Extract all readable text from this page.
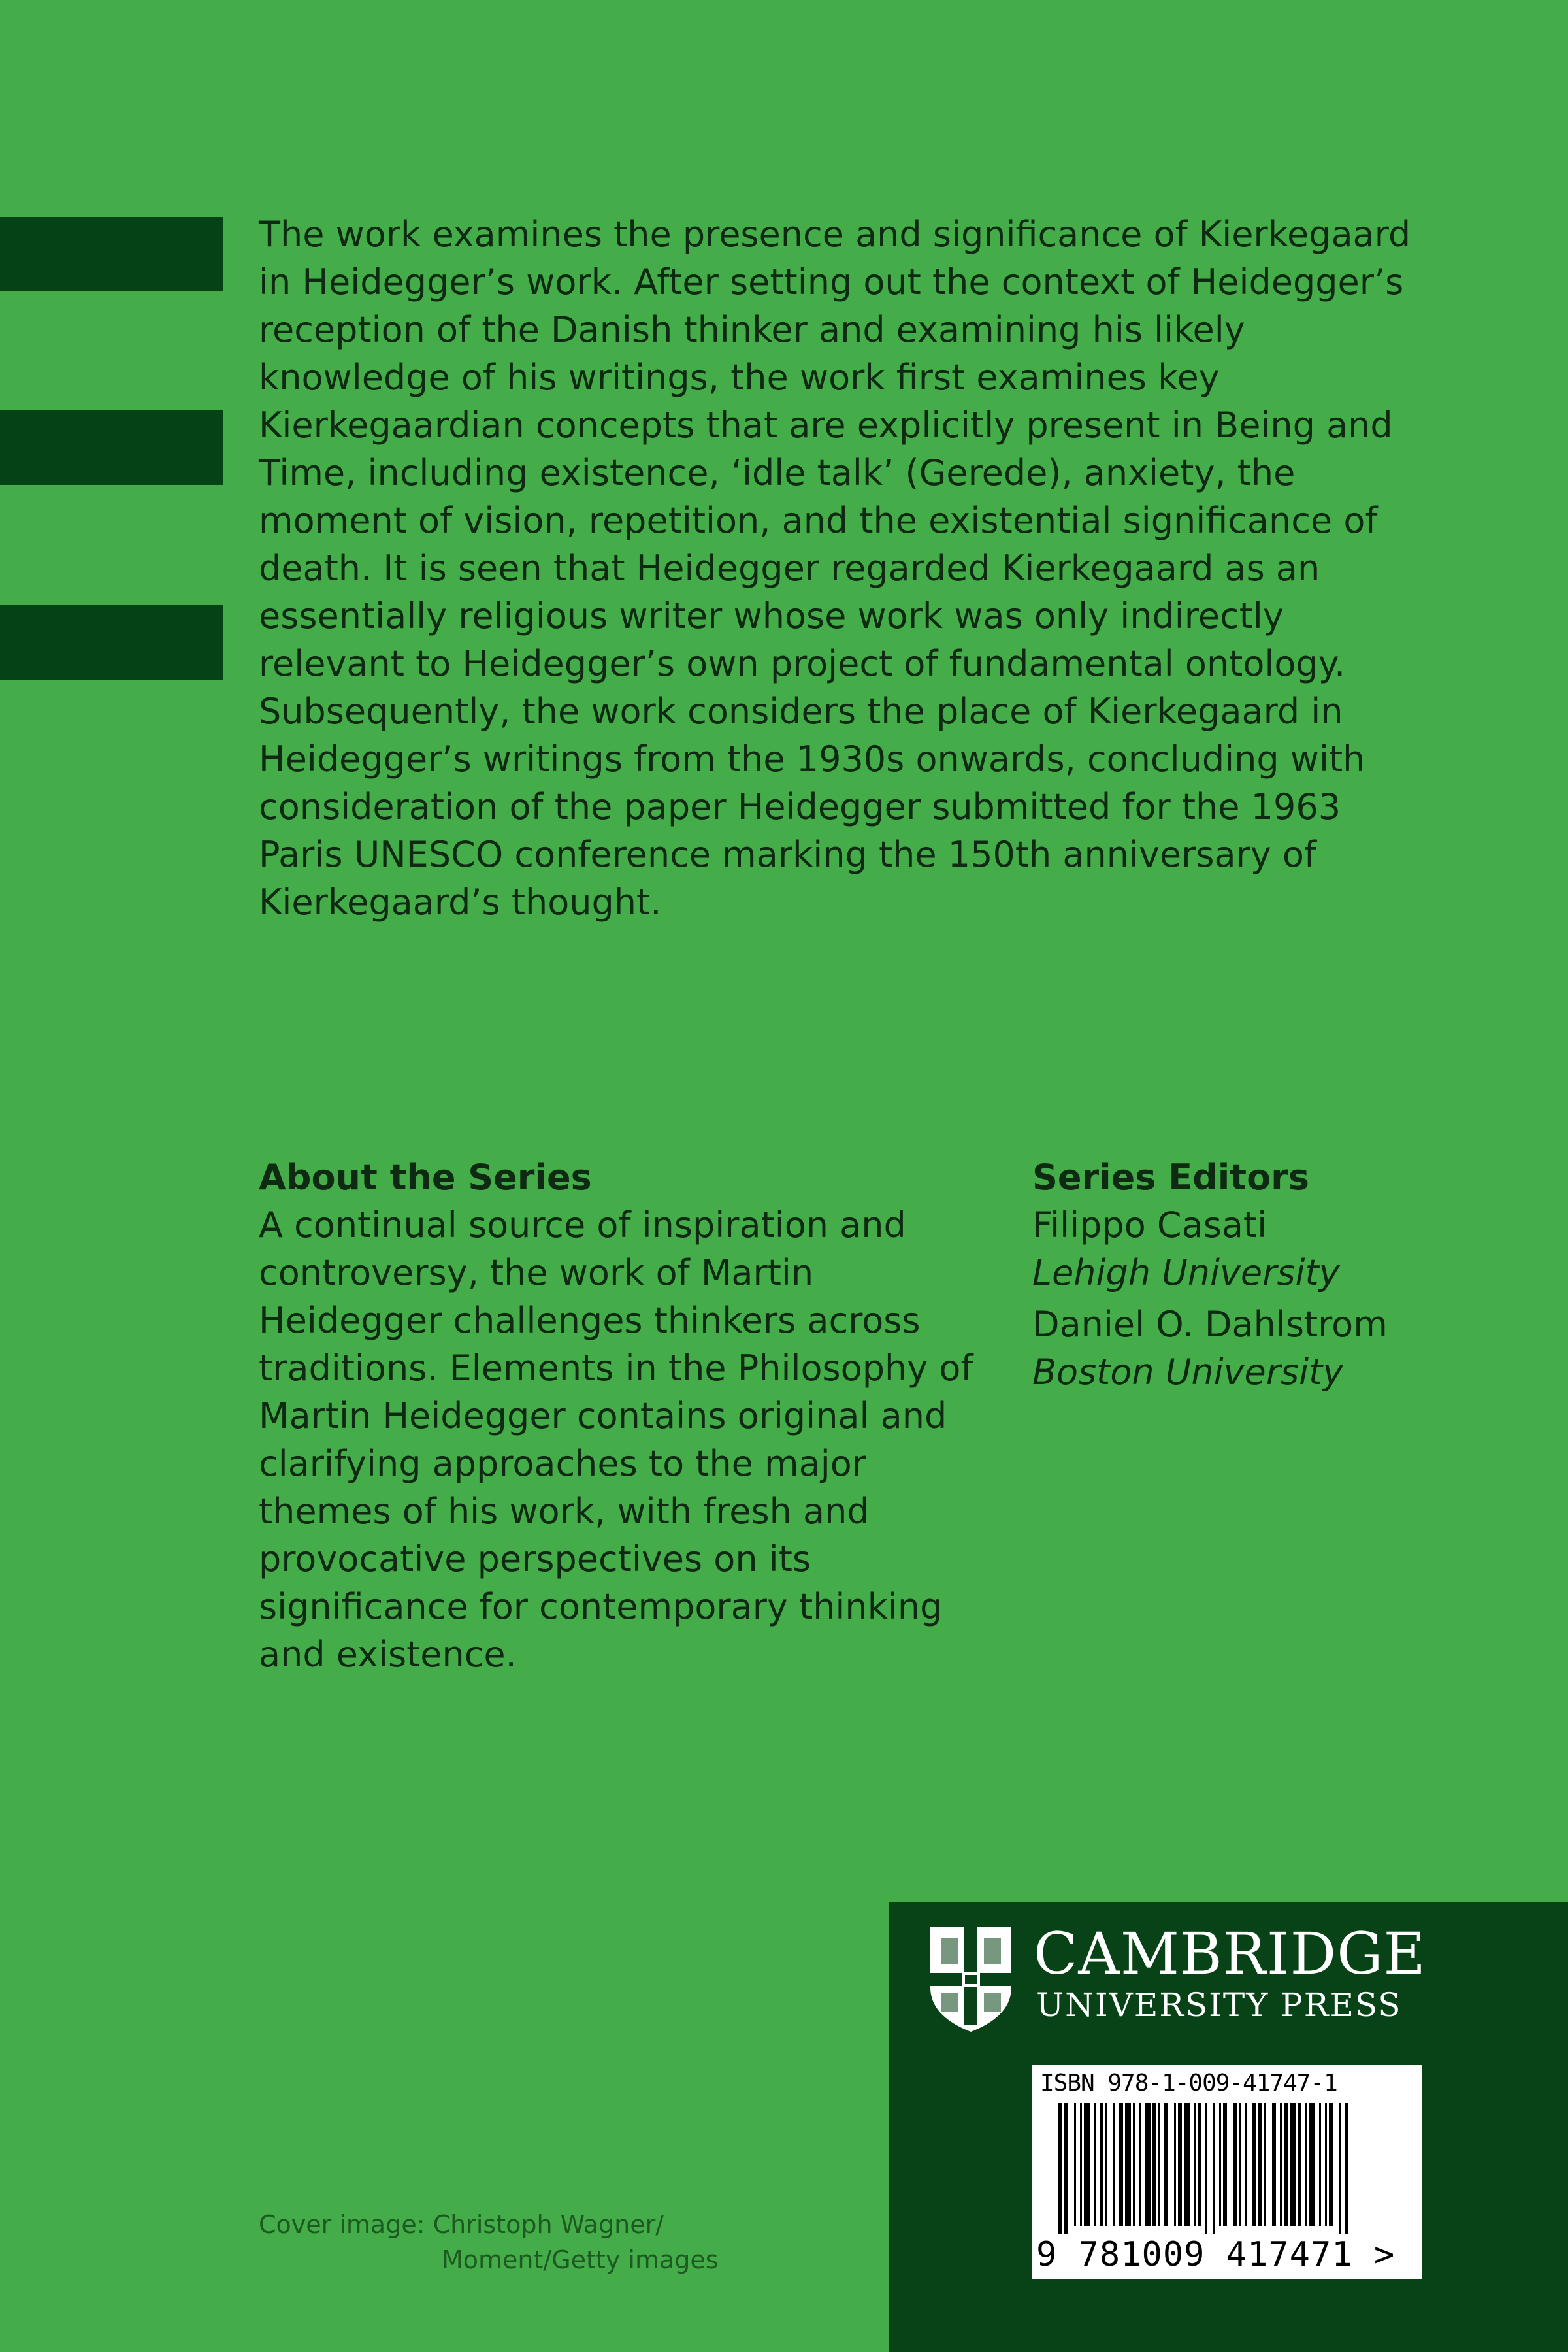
The work examines the presence and significance of Kierkegaard in Heidegger’s work. After setting out the context of Heidegger’s reception of the Danish thinker and examining his likely knowledge of his writings, the work first examines key Kierkegaardian concepts that are explicitly present in Being and Time, including existence, ‘idle talk’ (Gerede), anxiety, the moment of vision, repetition, and the existential significance of death. It is seen that Heidegger regarded Kierkegaard as an essentially religious writer whose work was only indirectly relevant to Heidegger’s own project of fundamental ontology. Subsequently, the work considers the place of Kierkegaard in Heidegger’s writings from the 1930s onwards, concluding with consideration of the paper Heidegger submitted for the 1963 Paris UNESCO conference marking the 150th anniversary of Kierkegaard’s thought.

About the Series

A continual source of inspiration and controversy, the work of Martin Heidegger challenges thinkers across traditions. Elements in the Philosophy of Martin Heidegger contains original and clarifying approaches to the major themes of his work, with fresh and provocative perspectives on its significance for contemporary thinking and existence.

Series Editors

Filippo Casati
Lehigh University

Daniel O. Dahlstrom
Boston University

Cover image: Christoph Wagner/
Moment/Getty images
CAMBRIDGE
UNIVERSITY PRESS
ISBN 978-1-009-41747-1
9 781009 417471 >
